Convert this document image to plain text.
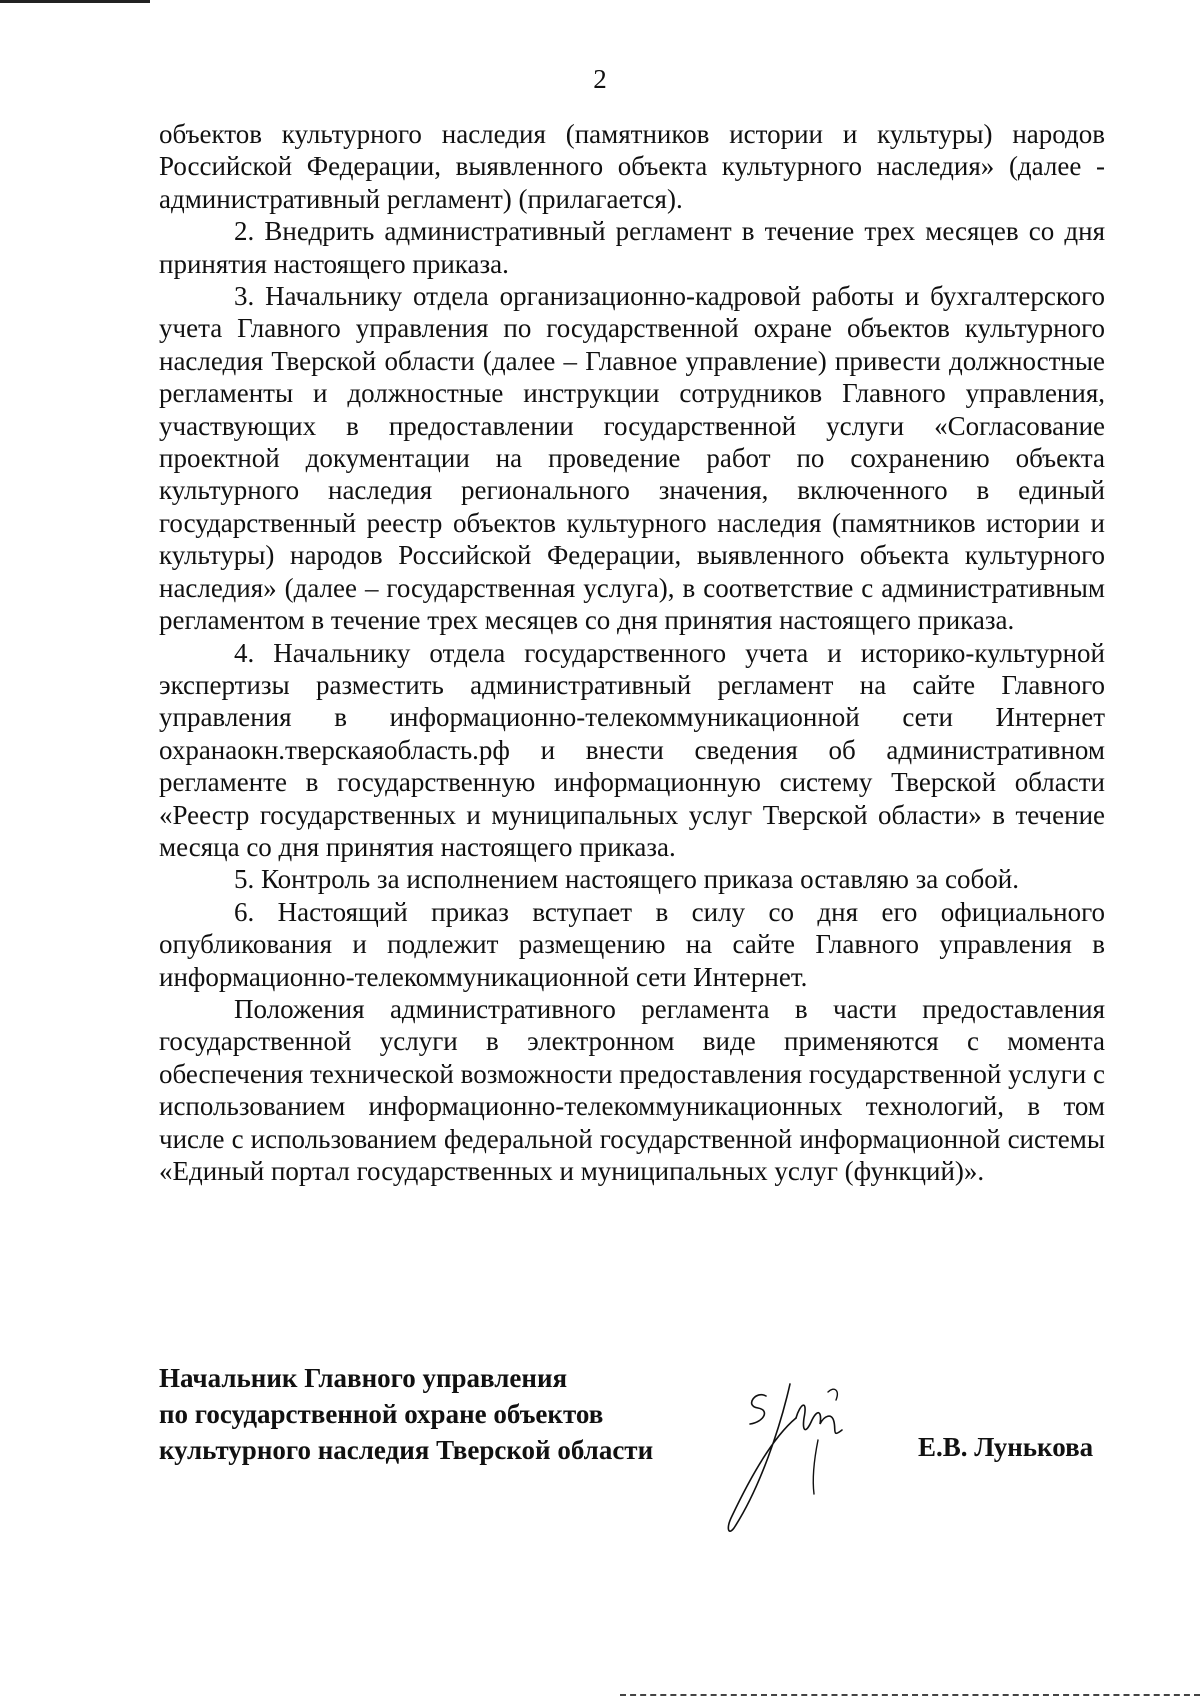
2

объектов культурного наследия (памятников истории и культуры) народов Российской Федерации, выявленного объекта культурного наследия» (далее - административный регламент) (прилагается).

2. Внедрить административный регламент в течение трех месяцев со дня принятия настоящего приказа.

3. Начальнику отдела организационно-кадровой работы и бухгалтерского учета Главного управления по государственной охране объектов культурного наследия Тверской области (далее – Главное управление) привести должностные регламенты и должностные инструкции сотрудников Главного управления, участвующих в предоставлении государственной услуги «Согласование проектной документации на проведение работ по сохранению объекта культурного наследия регионального значения, включенного в единый государственный реестр объектов культурного наследия (памятников истории и культуры) народов Российской Федерации, выявленного объекта культурного наследия» (далее – государственная услуга), в соответствие с административным регламентом в течение трех месяцев со дня принятия настоящего приказа.

4. Начальнику отдела государственного учета и историко-культурной экспертизы разместить административный регламент на сайте Главного управления в информационно-телекоммуникационной сети Интернет охранаокн.тверскаяобласть.рф и внести сведения об административном регламенте в государственную информационную систему Тверской области «Реестр государственных и муниципальных услуг Тверской области» в течение месяца со дня принятия настоящего приказа.

5. Контроль за исполнением настоящего приказа оставляю за собой.

6. Настоящий приказ вступает в силу со дня его официального опубликования и подлежит размещению на сайте Главного управления в информационно-телекоммуникационной сети Интернет.

Положения административного регламента в части предоставления государственной услуги в электронном виде применяются с момента обеспечения технической возможности предоставления государственной услуги с использованием информационно-телекоммуникационных технологий, в том числе с использованием федеральной государственной информационной системы «Единый портал государственных и муниципальных услуг (функций)».

Начальник Главного управления
по государственной охране объектов
культурного наследия Тверской области	Е.В. Лунькова
